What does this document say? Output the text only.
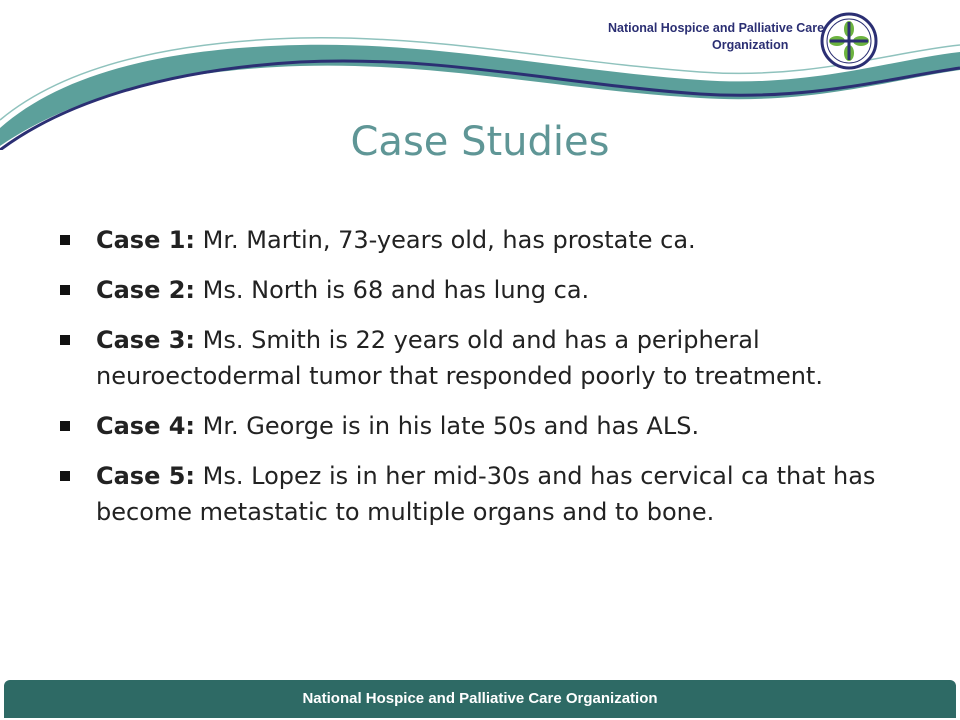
National Hospice and Palliative Care
Organization
Case Studies
Case 1: Mr. Martin, 73-years old, has prostate ca.
Case 2: Ms. North is 68 and has lung ca.
Case 3: Ms. Smith is 22 years old and has a peripheral neuroectodermal tumor that responded poorly to treatment.
Case 4: Mr. George is in his late 50s and has ALS.
Case 5: Ms. Lopez is in her mid-30s and has cervical ca that has become metastatic to multiple organs and to bone.
National Hospice and Palliative Care Organization
